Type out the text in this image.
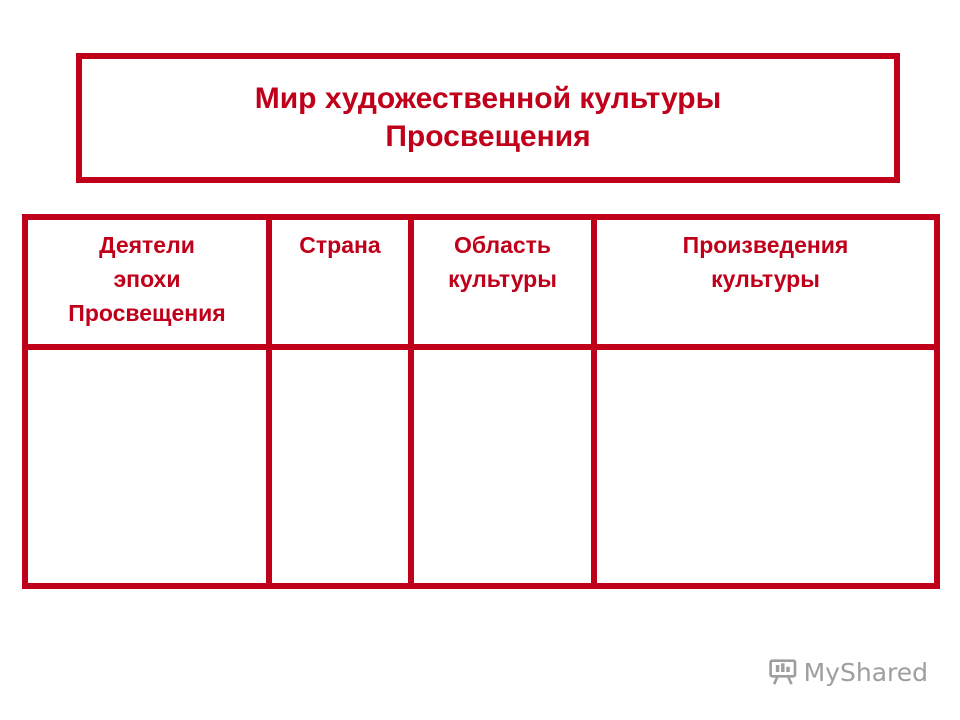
Мир художественной культуры
Просвещения
Деятели
эпохи
Просвещения
Страна	Область
культуры
Произведения
культуры
MyShared
